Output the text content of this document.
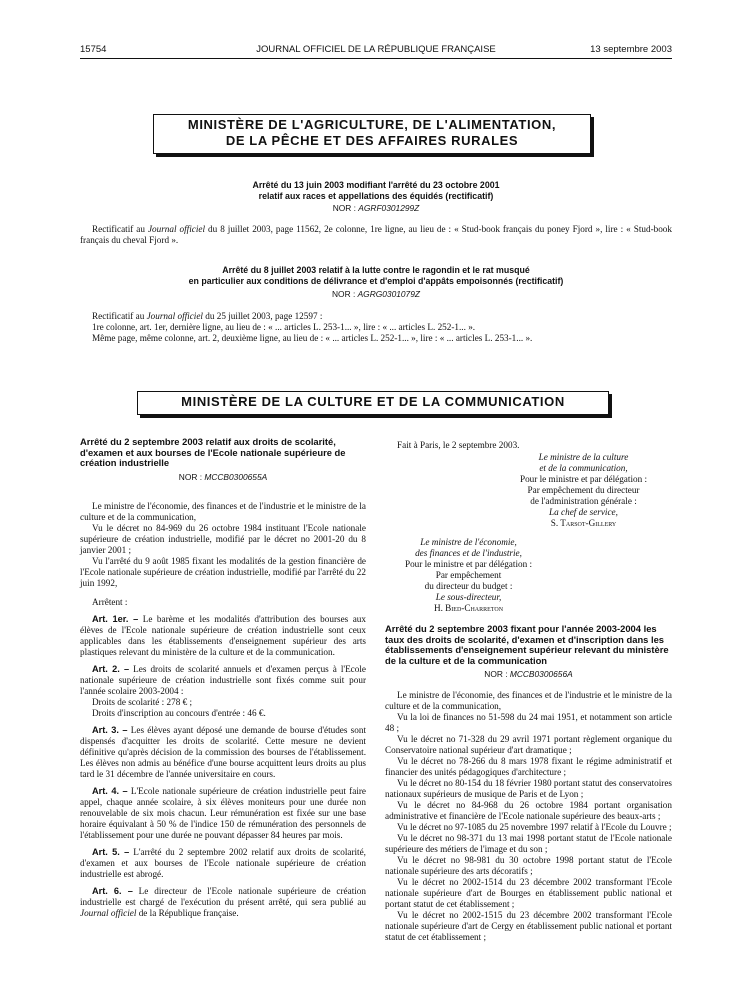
15754	JOURNAL OFFICIEL DE LA RÉPUBLIQUE FRANÇAISE	13 septembre 2003
MINISTÈRE DE L'AGRICULTURE, DE L'ALIMENTATION,
DE LA PÊCHE ET DES AFFAIRES RURALES
Arrêté du 13 juin 2003 modifiant l'arrêté du 23 octobre 2001
relatif aux races et appellations des équidés (rectificatif)
NOR : AGRF0301299Z

Rectificatif au Journal officiel du 8 juillet 2003, page 11562, 2e colonne, 1re ligne, au lieu de : « Stud-book français du poney Fjord », lire : « Stud-book français du cheval Fjord ».

Arrêté du 8 juillet 2003 relatif à la lutte contre le ragondin et le rat musqué
en particulier aux conditions de délivrance et d'emploi d'appâts empoisonnés (rectificatif)
NOR : AGRG0301079Z

Rectificatif au Journal officiel du 25 juillet 2003, page 12597 :

1re colonne, art. 1er, dernière ligne, au lieu de : « ... articles L. 253-1... », lire : « ... articles L. 252-1... ».

Même page, même colonne, art. 2, deuxième ligne, au lieu de : « ... articles L. 252-1... », lire : « ... articles L. 253-1... ».

MINISTÈRE DE LA CULTURE ET DE LA COMMUNICATION
Arrêté du 2 septembre 2003 relatif aux droits de scolarité, d'examen et aux bourses de l'Ecole nationale supérieure de création industrielle
NOR : MCCB0300655A

Le ministre de l'économie, des finances et de l'industrie et le ministre de la culture et de la communication,

Vu le décret no 84-969 du 26 octobre 1984 instituant l'Ecole nationale supérieure de création industrielle, modifié par le décret no 2001-20 du 8 janvier 2001 ;

Vu l'arrêté du 9 août 1985 fixant les modalités de la gestion financière de l'Ecole nationale supérieure de création industrielle, modifié par l'arrêté du 22 juin 1992,

Arrêtent :

Art. 1er. – Le barème et les modalités d'attribution des bourses aux élèves de l'Ecole nationale supérieure de création industrielle sont ceux applicables dans les établissements d'enseignement supérieur des arts plastiques relevant du ministère de la culture et de la communication.

Art. 2. – Les droits de scolarité annuels et d'examen perçus à l'Ecole nationale supérieure de création industrielle sont fixés comme suit pour l'année scolaire 2003-2004 :

Droits de scolarité : 278 € ;

Droits d'inscription au concours d'entrée : 46 €.

Art. 3. – Les élèves ayant déposé une demande de bourse d'études sont dispensés d'acquitter les droits de scolarité. Cette mesure ne devient définitive qu'après décision de la commission des bourses de l'établissement. Les élèves non admis au bénéfice d'une bourse acquittent leurs droits au plus tard le 31 décembre de l'année universitaire en cours.

Art. 4. – L'Ecole nationale supérieure de création industrielle peut faire appel, chaque année scolaire, à six élèves moniteurs pour une durée non renouvelable de six mois chacun. Leur rémunération est fixée sur une base horaire équivalant à 50 % de l'indice 150 de rémunération des personnels de l'établissement pour une durée ne pouvant dépasser 84 heures par mois.

Art. 5. – L'arrêté du 2 septembre 2002 relatif aux droits de scolarité, d'examen et aux bourses de l'Ecole nationale supérieure de création industrielle est abrogé.

Art. 6. – Le directeur de l'Ecole nationale supérieure de création industrielle est chargé de l'exécution du présent arrêté, qui sera publié au Journal officiel de la République française.

Fait à Paris, le 2 septembre 2003.

Le ministre de la culture
et de la communication,
Pour le ministre et par délégation :
Par empêchement du directeur
de l'administration générale :
La chef de service,
S. Tarsot-Gillery
Le ministre de l'économie,
des finances et de l'industrie,
Pour le ministre et par délégation :
Par empêchement
du directeur du budget :
Le sous-directeur,
H. Bied-Charreton
Arrêté du 2 septembre 2003 fixant pour l'année 2003-2004 les taux des droits de scolarité, d'examen et d'inscription dans les établissements d'enseignement supérieur relevant du ministère de la culture et de la communication
NOR : MCCB0300656A

Le ministre de l'économie, des finances et de l'industrie et le ministre de la culture et de la communication,

Vu la loi de finances no 51-598 du 24 mai 1951, et notamment son article 48 ;

Vu le décret no 71-328 du 29 avril 1971 portant règlement organique du Conservatoire national supérieur d'art dramatique ;

Vu le décret no 78-266 du 8 mars 1978 fixant le régime administratif et financier des unités pédagogiques d'architecture ;

Vu le décret no 80-154 du 18 février 1980 portant statut des conservatoires nationaux supérieurs de musique de Paris et de Lyon ;

Vu le décret no 84-968 du 26 octobre 1984 portant organisation administrative et financière de l'Ecole nationale supérieure des beaux-arts ;

Vu le décret no 97-1085 du 25 novembre 1997 relatif à l'Ecole du Louvre ;

Vu le décret no 98-371 du 13 mai 1998 portant statut de l'Ecole nationale supérieure des métiers de l'image et du son ;

Vu le décret no 98-981 du 30 octobre 1998 portant statut de l'Ecole nationale supérieure des arts décoratifs ;

Vu le décret no 2002-1514 du 23 décembre 2002 transformant l'Ecole nationale supérieure d'art de Bourges en établissement public national et portant statut de cet établissement ;

Vu le décret no 2002-1515 du 23 décembre 2002 transformant l'Ecole nationale supérieure d'art de Cergy en établissement public national et portant statut de cet établissement ;
